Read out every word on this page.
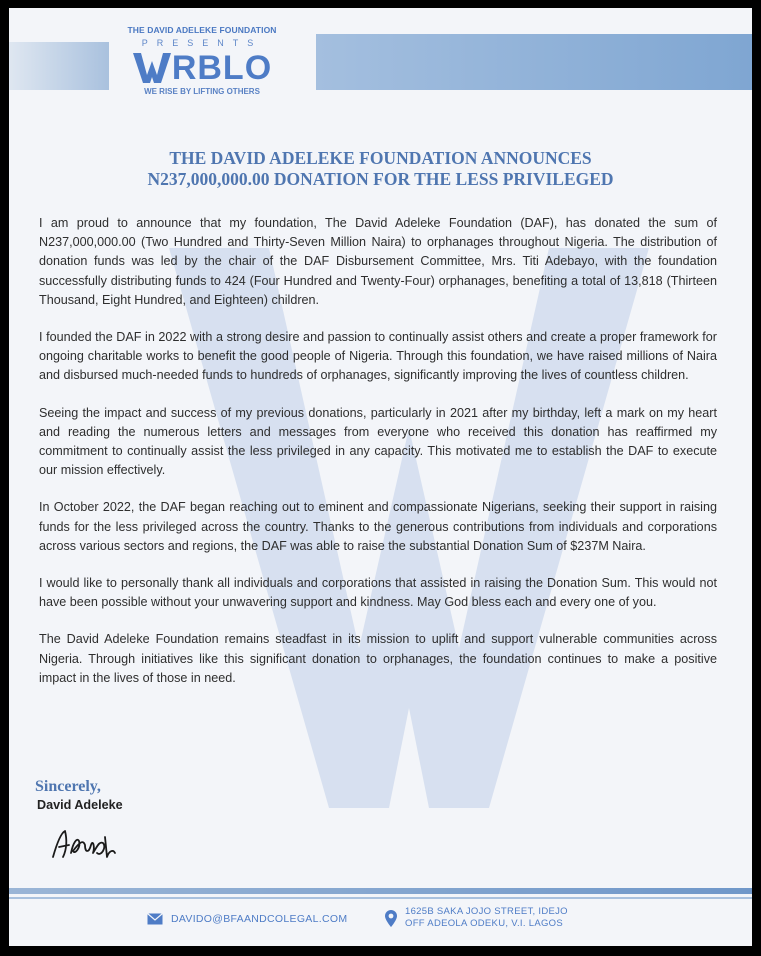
THE DAVID ADELEKE FOUNDATION
PRESENTS
RBLO
WE RISE BY LIFTING OTHERS
THE DAVID ADELEKE FOUNDATION ANNOUNCES
N237,000,000.00 DONATION FOR THE LESS PRIVILEGED

I am proud to announce that my foundation, The David Adeleke Foundation (DAF), has donated the sum of N237,000,000.00 (Two Hundred and Thirty-Seven Million Naira) to orphanages throughout Nigeria. The distribution of donation funds was led by the chair of the DAF Disbursement Committee, Mrs. Titi Adebayo, with the foundation successfully distributing funds to 424 (Four Hundred and Twenty-Four) orphanages, benefiting a total of 13,818 (Thirteen Thousand, Eight Hundred, and Eighteen) children.

I founded the DAF in 2022 with a strong desire and passion to continually assist others and create a proper framework for ongoing charitable works to benefit the good people of Nigeria. Through this foundation, we have raised millions of Naira and disbursed much-needed funds to hundreds of orphanages, significantly improving the lives of countless children.

Seeing the impact and success of my previous donations, particularly in 2021 after my birthday, left a mark on my heart and reading the numerous letters and messages from everyone who received this donation has reaffirmed my commitment to continually assist the less privileged in any capacity. This motivated me to establish the DAF to execute our mission effectively.

In October 2022, the DAF began reaching out to eminent and compassionate Nigerians, seeking their support in raising funds for the less privileged across the country. Thanks to the generous contributions from individuals and corporations across various sectors and regions, the DAF was able to raise the substantial Donation Sum of $237M Naira.

I would like to personally thank all individuals and corporations that assisted in raising the Donation Sum. This would not have been possible without your unwavering support and kindness. May God bless each and every one of you.

The David Adeleke Foundation remains steadfast in its mission to uplift and support vulnerable communities across Nigeria. Through initiatives like this significant donation to orphanages, the foundation continues to make a positive impact in the lives of those in need.

Sincerely,
David Adeleke
DAVIDO@BFAANDCOLEGAL.COM
1625B SAKA JOJO STREET, IDEJO
OFF ADEOLA ODEKU, V.I. LAGOS
